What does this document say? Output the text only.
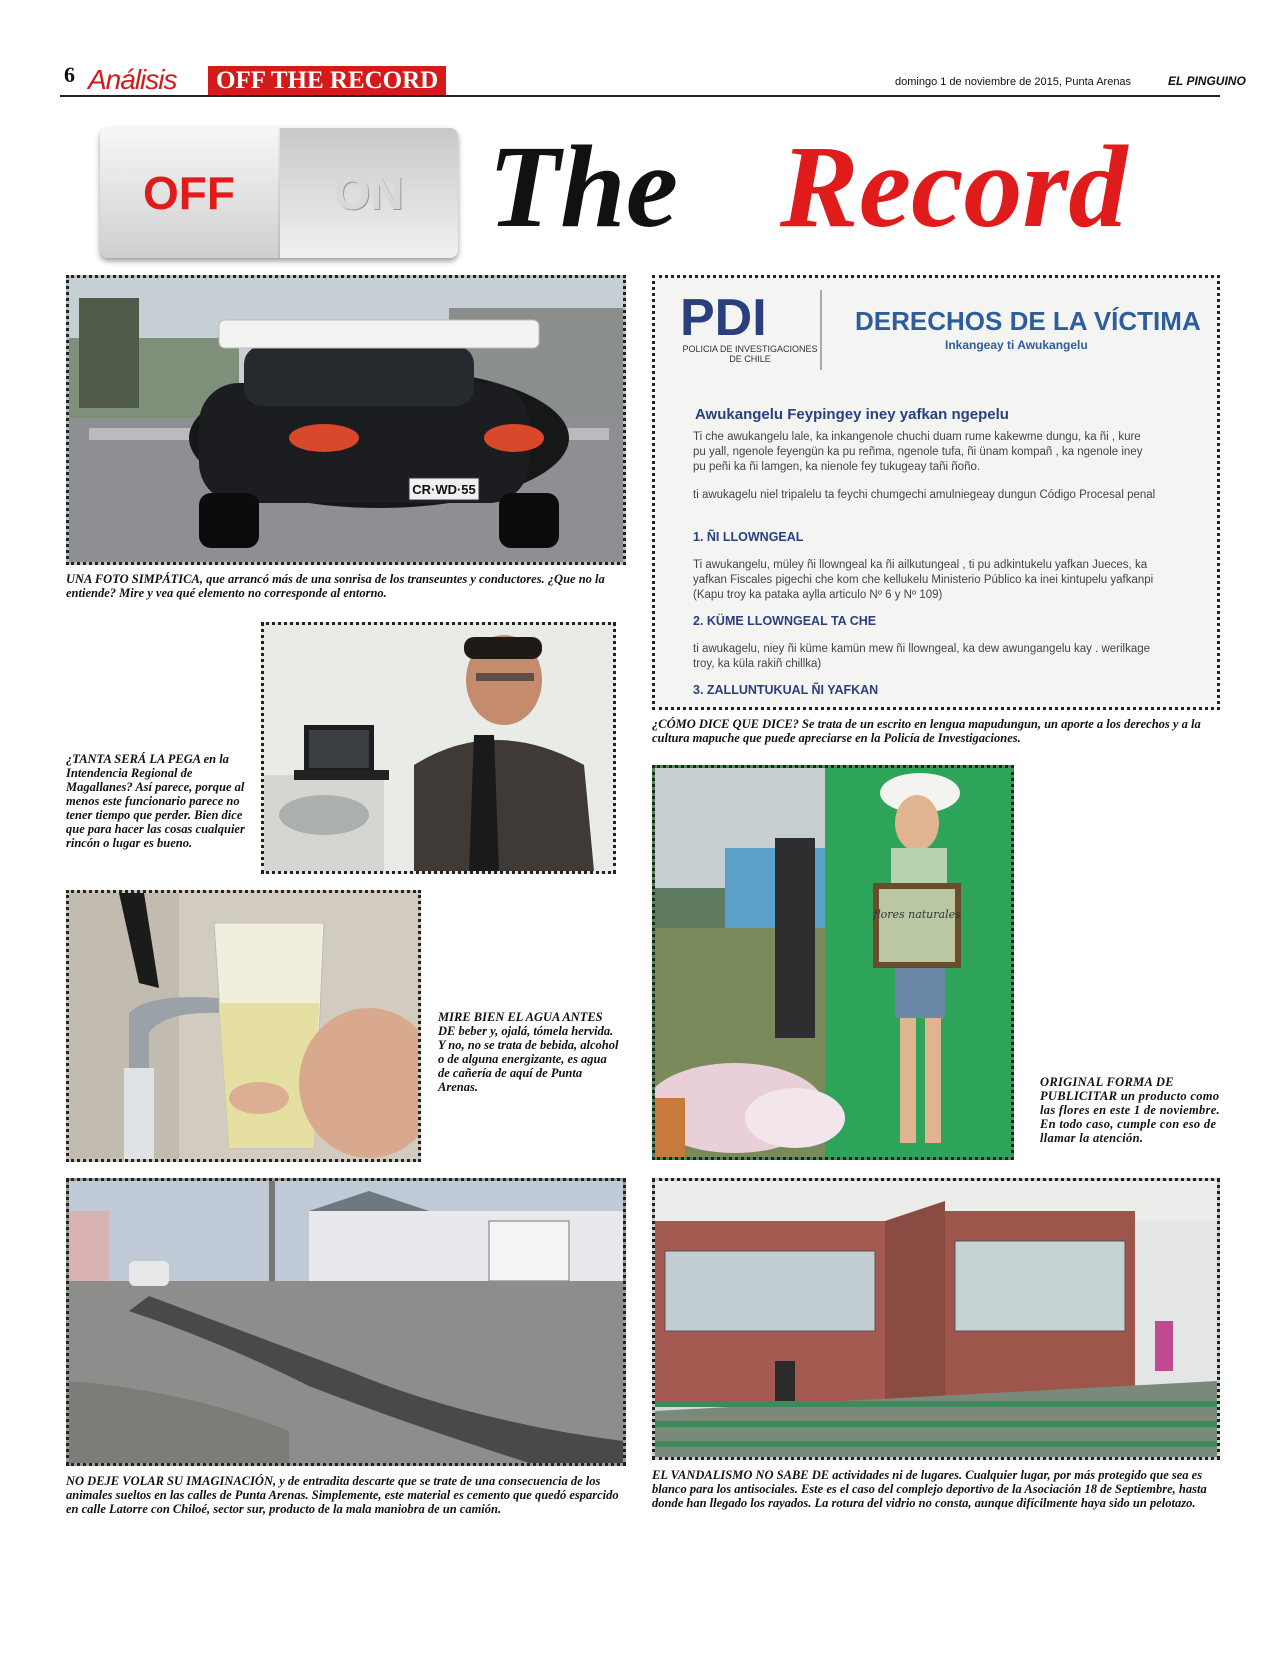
6 Análisis	OFF THE RECORD	domingo 1 de noviembre de 2015, Punta Arenas	EL PINGUINO
OFF ON The Record
CR·WD·55
UNA FOTO SIMPÁTICA, que arrancó más de una sonrisa de los transeuntes y conductores. ¿Que no la entiende? Mire y vea qué elemento no corresponde al entorno.
PDI
POLICIA DE INVESTIGACIONES DE CHILE
DERECHOS DE LA VÍCTIMA
Inkangeay ti Awukangelu
Awukangelu Feypingey iney yafkan ngepelu
Ti che awukangelu lale, ka inkangenole chuchi duam rume kakewme dungu, ka ñi , kure
pu yall, ngenole feyengün ka pu reñma, ngenole tufa, ñi ünam kompañ , ka ngenole iney
pu peñi ka ñi lamgen, ka nienole fey tukugeay tañi ñoño.
ti awukagelu niel tripalelu ta feychi chumgechi amulniegeay dungun Código Procesal penal
1. ÑI LLOWNGEAL
Ti awukangelu, müley ñi llowngeal ka ñi ailkutungeal , ti pu adkintukelu yafkan Jueces, ka
yafkan Fiscales pigechi che kom che kellukelu Ministerio Público ka inei kintupelu yafkanpi
(Kapu troy ka pataka aylla articulo Nº 6 y Nº 109)
2. KÜME LLOWNGEAL TA CHE
ti awukagelu, niey ñi küme kamün mew ñi llowngeal, ka dew awungangelu kay . werilkage
troy, ka küla rakiñ chillka)
3. ZALLUNTUKUAL ÑI YAFKAN
¿CÓMO DICE QUE DICE? Se trata de un escrito en lengua mapudungun, un aporte a los derechos y a la cultura mapuche que puede apreciarse en la Policía de Investigaciones.
¿TANTA SERÁ LA PEGA en la Intendencia Regional de Magallanes? Así parece, porque al menos este funcionario parece no tener tiempo que perder. Bien dice que para hacer las cosas cualquier rincón o lugar es bueno.
MIRE BIEN EL AGUA ANTES DE beber y, ojalá, tómela hervida. Y no, no se trata de bebida, alcohol o de alguna energizante, es agua de cañería de aquí de Punta Arenas.
flores naturales
ORIGINAL FORMA DE PUBLICITAR un producto como las flores en este 1 de noviembre. En todo caso, cumple con eso de llamar la atención.
NO DEJE VOLAR SU IMAGINACIÓN, y de entradita descarte que se trate de una consecuencia de los animales sueltos en las calles de Punta Arenas. Simplemente, este material es cemento que quedó esparcido en calle Latorre con Chiloé, sector sur, producto de la mala maniobra de un camión.
EL VANDALISMO NO SABE DE actividades ni de lugares. Cualquier lugar, por más protegido que sea es blanco para los antisociales. Este es el caso del complejo deportivo de la Asociación 18 de Septiembre, hasta donde han llegado los rayados. La rotura del vidrio no consta, aunque difícilmente haya sido un pelotazo.
